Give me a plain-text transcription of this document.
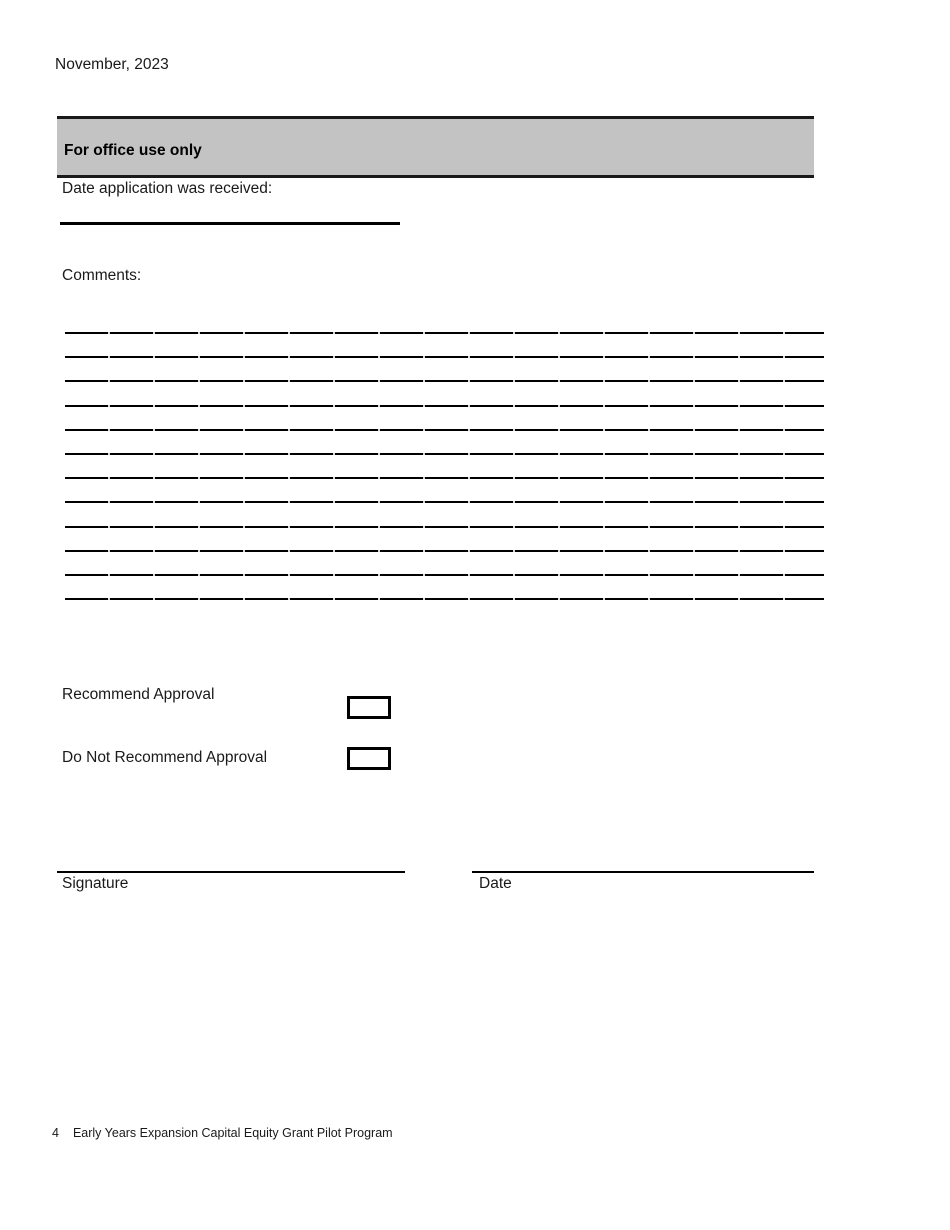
November, 2023
For office use only
Date application was received:
Comments:
Recommend Approval
Do Not Recommend Approval
Signature	Date
4 Early Years Expansion Capital Equity Grant Pilot Program
